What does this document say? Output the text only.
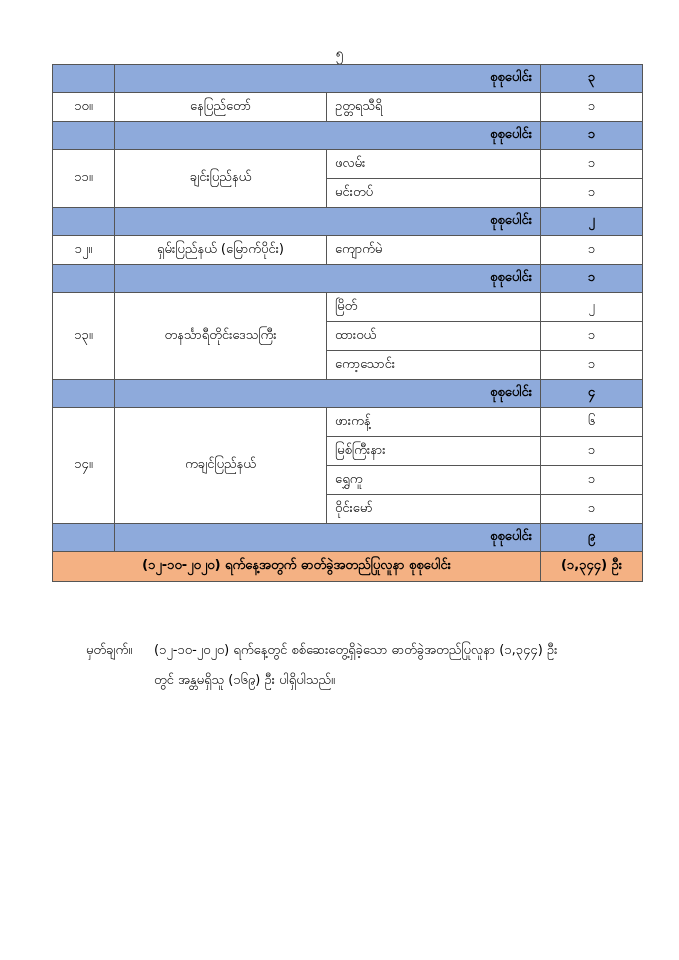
၅
	စုစုပေါင်း		၃
၁၀။	နေပြည်တော်	ဥတ္တရသီရိ	၁
	စုစုပေါင်း		၁
၁၁။	ချင်းပြည်နယ်	ဖလမ်း	၁
		မင်းတပ်	၁
	စုစုပေါင်း		၂
၁၂။	ရှမ်းပြည်နယ် (မြောက်ပိုင်း)	ကျောက်မဲ	၁
	စုစုပေါင်း		၁
၁၃။	တနင်္သာရီတိုင်းဒေသကြီး	မြိတ်	၂
		ထားဝယ်	၁
		ကော့သောင်း	၁
	စုစုပေါင်း		၄
၁၄။	ကချင်ပြည်နယ်	ဖားကန့်	၆
		မြစ်ကြီးနား	၁
		ရွှေကူ	၁
		ဝိုင်းမော်	၁
	စုစုပေါင်း		၉
(၁၂-၁၀-၂၀၂၀) ရက်နေ့အတွက် ဓာတ်ခွဲအတည်ပြုလူနာ စုစုပေါင်း			(၁,၃၄၄) ဦး
မှတ်ချက်။ (၁၂-၁၀-၂၀၂၀) ရက်နေ့တွင် စစ်ဆေးတွေ့ရှိခဲ့သော ဓာတ်ခွဲအတည်ပြုလူနာ (၁,၃၄၄) ဦး
တွင် အန္တမရှိသူ (၁၆၉) ဦး ပါရှိပါသည်။
